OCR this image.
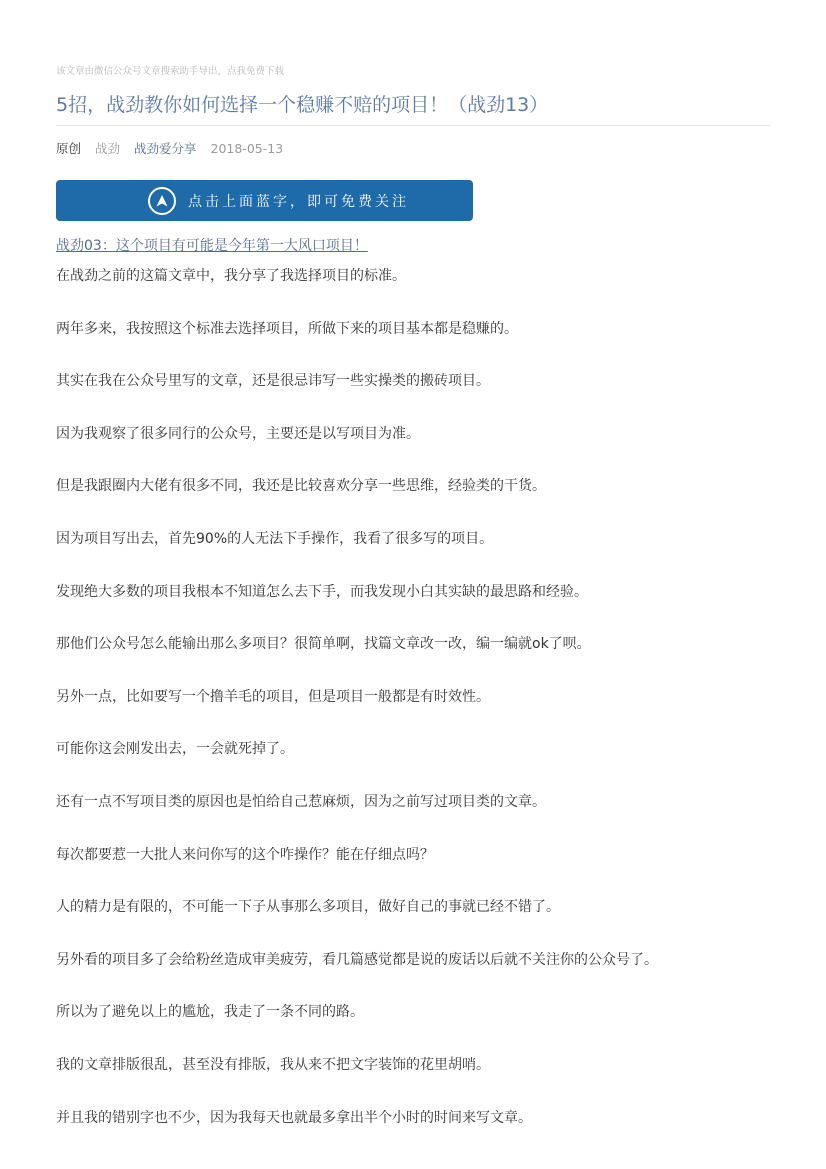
该文章由微信公众号文章搜索助手导出，点我免费下载
5招，战劲教你如何选择一个稳赚不赔的项目！（战劲13）
原创 战劲 战劲爱分享 2018-05-13
点击上面蓝字，即可免费关注
战劲03：这个项目有可能是今年第一大风口项目！

在战劲之前的这篇文章中，我分享了我选择项目的标准。

两年多来，我按照这个标准去选择项目，所做下来的项目基本都是稳赚的。

其实在我在公众号里写的文章，还是很忌讳写一些实操类的搬砖项目。

因为我观察了很多同行的公众号，主要还是以写项目为准。

但是我跟圈内大佬有很多不同，我还是比较喜欢分享一些思维，经验类的干货。

因为项目写出去，首先90%的人无法下手操作，我看了很多写的项目。

发现绝大多数的项目我根本不知道怎么去下手，而我发现小白其实缺的最思路和经验。

那他们公众号怎么能输出那么多项目？很简单啊，找篇文章改一改，编一编就ok了呗。

另外一点，比如要写一个撸羊毛的项目，但是项目一般都是有时效性。

可能你这会刚发出去，一会就死掉了。

还有一点不写项目类的原因也是怕给自己惹麻烦，因为之前写过项目类的文章。

每次都要惹一大批人来问你写的这个咋操作？能在仔细点吗？

人的精力是有限的，不可能一下子从事那么多项目，做好自己的事就已经不错了。

另外看的项目多了会给粉丝造成审美疲劳，看几篇感觉都是说的废话以后就不关注你的公众号了。

所以为了避免以上的尴尬，我走了一条不同的路。

我的文章排版很乱，甚至没有排版，我从来不把文字装饰的花里胡哨。

并且我的错别字也不少，因为我每天也就最多拿出半个小时的时间来写文章。
